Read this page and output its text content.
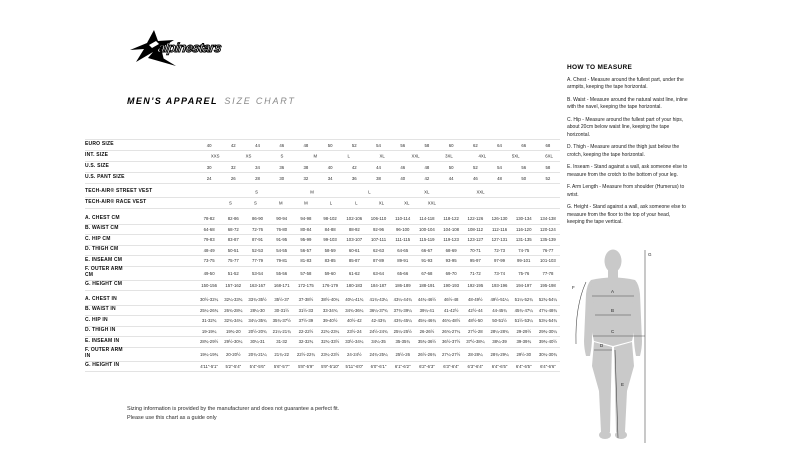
alpinestars
MEN'S APPAREL SIZE CHART
EURO SIZE	40	42	44	46	48	50	52	54	56	58	60	62	64	66	68
INT. SIZE	XXS	XS	S	M	L	XL	XXL	3XL	4XL	5XL	6XL
U.S. SIZE	30	32	34	36	38	40	42	44	46	48	50	52	54	56	58
U.S. PANT SIZE	24	26	28	30	32	34	36	38	40	42	44	46	48	50	52
TECH-AIR® STREET VEST	S	M	L	XL	XXL
TECH-AIR® RACE VEST	S	S	M	M	L	L	XL	XL	XXL
A. CHEST CM	78-82	82-86	86-90	90-94	94-98	98-102	102-106	106-110	110-114	114-118	118-122	122-126	126-130	130-134	134-138
B. WAIST CM	64-68	68-72	72-76	76-80	80-84	84-88	88-92	92-96	96-100	100-104	104-108	108-112	112-116	116-120	120-124
C. HIP CM	79-83	83-87	87-91	91-95	95-99	99-103	103-107	107-111	111-115	115-119	119-123	123-127	127-131	131-135	135-139
D. THIGH CM	48-49	50-51	52-53	54-55	56-57	58-59	60-61	62-63	64-65	66-67	68-69	70-71	72-73	74-75	76-77
E. INSEAM CM	73-75	75-77	77-79	79-81	81-83	83-85	85-87	87-89	89-91	91-93	93-95	95-97	97-99	99-101	101-103
F. OUTER ARM
CM	49-50	51-52	53-54	55-56	57-58	59-60	61-62	63-64	65-66	67-68	69-70	71-72	73-74	75-76	77-78
G. HEIGHT CM	150-156	157-162	163-167	168-171	172-175	176-179	180-183	184-187	186-189	188-191	190-193	192-195	193-196	194-197	195-198
A. CHEST IN	30½-32¼	32¼-33¾	33¾-35½	35½-37	37-38½	38½-40¼	40¼-41¾	41¾-43¼	43¼-44¾	44¾-46½	46½-48	48-49½	49½-51¼	51¼-52¾	52¾-54¼
B. WAIST IN	25¼-26¾	26¾-28¼	28¼-30	30-31½	31½-33	33-34¾	34¾-36¼	36¼-37¾	37¾-39¼	39¼-41	41-42½	42½-44	44-45¾	45¾-47¼	47¼-48¾
C. HIP IN	31-32¾	32¾-34¼	34¼-35¾	35¾-37½	37½-39	39-40½	40½-42	42-43¾	43¾-45¼	45¼-46¾	46¾-48½	48½-50	50-51½	51½-53¼	53¼-54¾
D. THIGH IN	19-19¼	19¾-20	20½-20¾	21¼-21¾	22-22½	22¾-23¼	23½-24	24½-24¾	25¼-25½	26-26½	26¾-27¼	27½-28	28¼-28¾	29-29½	29¾-30¼
E. INSEAM IN	28¾-29½	29½-30¼	30¼-31	31-32	32-32¾	32¾-33½	33½-34¼	34¼-35	35-35¾	35¾-36½	36½-37½	37½-38¼	38¼-39	39-39¾	39¾-40½
F. OUTER ARM
IN	19¼-19¾	20-20½	20¾-21¼	21¾-22	22½-22¾	23¼-23½	24-24½	24¾-25¼	25½-26	26½-26¾	27¼-27½	28-28¼	28¾-29¼	29½-30	30¼-30¾
G. HEIGHT IN	4'11"-5'1"	5'2"-5'4"	5'4"-5'6"	5'6"-5'7"	5'8"-5'9"	5'9"-5'10"	5'11"-6'0"	6'0"-6'1"	6'1"-6'2"	6'2"-6'3"	6'3"-6'4"	6'3"-6'4"	6'4"-6'5"	6'4"-6'5"	6'4"-6'6"
HOW TO MEASURE

A. Chest - Measure around the fullest part, under the armpits, keeping the tape horizontal.

B. Waist - Measure around the natural waist line, inline with the navel, keeping the tape horizontal.

C. Hip - Measure around the fullest part of your hips, about 20cm below waist line, keeping the tape horizontal.

D. Thigh - Measure around the thigh just below the crotch, keeping the tape horizontal.

E. Inseam - Stand against a wall, ask someone else to measure from the crotch to the bottom of your leg.

F. Arm Length - Measure from shoulder (Humerus) to wrist.

G. Height - Stand against a wall, ask someone else to measure from the floor to the top of your head, keeping the tape vertical.

A
B
C
D
E
F
G
Sizing information is provided by the manufacturer and does not guarantee a perfect fit.
Please use this chart as a guide only
